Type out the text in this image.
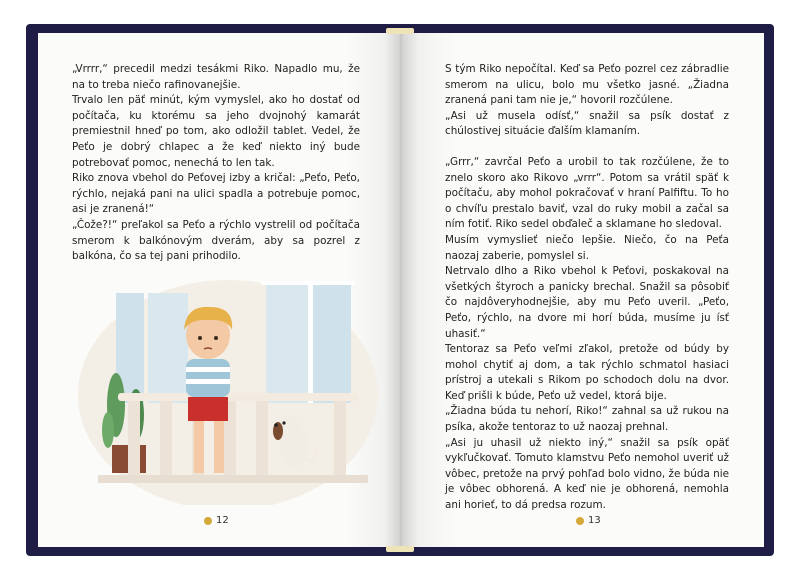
„Vrrrr,“ precedil medzi tesákmi Riko. Napadlo mu, že na to treba niečo rafinovanejšie.

Trvalo len päť minút, kým vymyslel, ako ho dostať od počítača, ku ktorému sa jeho dvojnohý kamarát premiestnil hneď po tom, ako odložil tablet. Vedel, že Peťo je dobrý chlapec a že keď niekto iný bude potrebovať pomoc, nenechá to len tak.

Riko znova vbehol do Peťovej izby a kričal: „Peťo, Peťo, rýchlo, nejaká pani na ulici spadla a potrebuje pomoc, asi je zranená!“

„Čože?!“ preľakol sa Peťo a rýchlo vystrelil od počítača smerom k balkónovým dverám, aby sa pozrel z balkóna, čo sa tej pani prihodilo.

12

S tým Riko nepočítal. Keď sa Peťo pozrel cez zábradlie smerom na ulicu, bolo mu všetko jasné. „Žiadna zranená pani tam nie je,“ hovoril rozčúlene.

„Asi už musela odísť,“ snažil sa psík dostať z chúlostivej situácie ďalším klamaním.

„Grrr,“ zavrčal Peťo a urobil to tak rozčúlene, že to znelo skoro ako Rikovo „vrrr“. Potom sa vrátil späť k počítaču, aby mohol pokračovať v hraní Palfiftu. To ho o chvíľu prestalo baviť, vzal do ruky mobil a začal sa ním fotiť. Riko sedel obďaleč a sklamane ho sledoval.

Musím vymyslieť niečo lepšie. Niečo, čo na Peťa naozaj zaberie, pomyslel si.

Netrvalo dlho a Riko vbehol k Peťovi, poskakoval na všetkých štyroch a panicky brechal. Snažil sa pôsobiť čo najdôveryhodnejšie, aby mu Peťo uveril. „Peťo, Peťo, rýchlo, na dvore mi horí búda, musíme ju ísť uhasiť.“

Tentoraz sa Peťo veľmi zľakol, pretože od búdy by mohol chytiť aj dom, a tak rýchlo schmatol hasiaci prístroj a utekali s Rikom po schodoch dolu na dvor. Keď prišli k búde, Peťo už vedel, ktorá bije.

„Žiadna búda tu nehorí, Riko!“ zahnal sa už rukou na psíka, akože tentoraz to už naozaj prehnal.

„Asi ju uhasil už niekto iný,“ snažil sa psík opäť vykľučkovať. Tomuto klamstvu Peťo nemohol uveriť už vôbec, pretože na prvý pohľad bolo vidno, že búda nie je vôbec obhorená. A keď nie je obhorená, nemohla ani horieť, to dá predsa rozum.

13
